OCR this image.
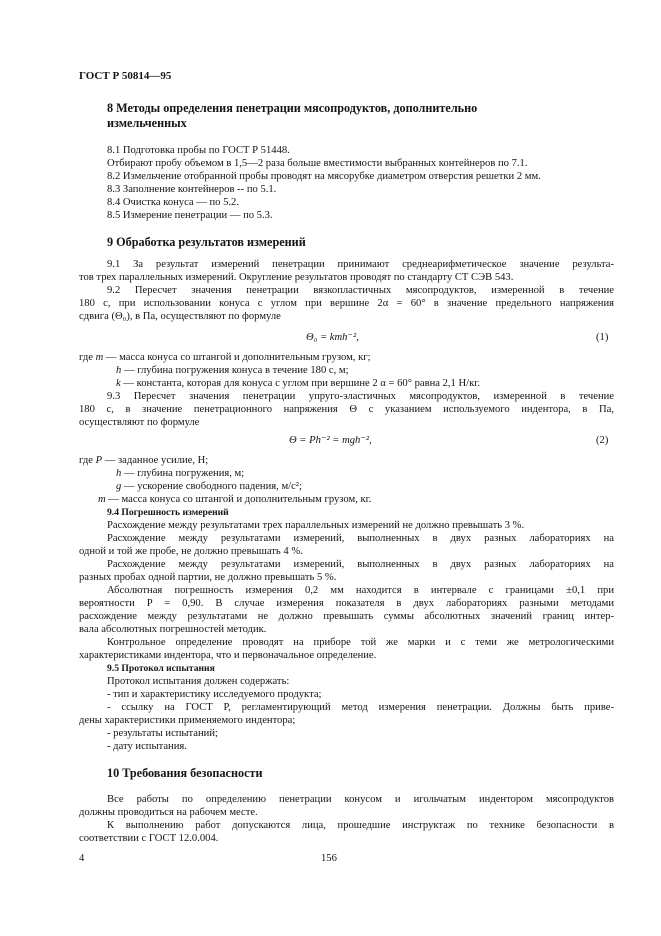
ГОСТ Р 50814—95
8 Методы определения пенетрации мясопродуктов, дополнительно
измельченных
8.1 Подготовка пробы по ГОСТ Р 51448.
Отбирают пробу объемом в 1,5—2 раза больше вместимости выбранных контейнеров по 7.1.
8.2 Измельчение отобранной пробы проводят на мясорубке диаметром отверстия решетки 2 мм.
8.3 Заполнение контейнеров -- по 5.1.
8.4 Очистка конуса — по 5.2.
8.5 Измерение пенетрации — по 5.3.
9 Обработка результатов измерений
9.1 За результат измерений пенетрации принимают среднеарифметическое значение результа-
тов трех параллельных измерений. Округление результатов проводят по стандарту СТ СЭВ 543.
9.2 Пересчет значения пенетрации вязкопластичных мясопродуктов, измеренной в течение
180 с, при использовании конуса с углом при вершине 2α = 60° в значение предельного напряжения
сдвига (Θ₀), в Па, осуществляют по формуле
Θ₀ = kmh⁻²,	(1)
где m — масса конуса со штангой и дополнительным грузом, кг;
h — глубина погружения конуса в течение 180 с, м;
k — константа, которая для конуса с углом при вершине 2 α = 60° равна 2,1 Н/кг.
9.3 Пересчет значения пенетрации упруго-эластичных мясопродуктов, измеренной в течение
180 с, в значение пенетрационного напряжения Θ с указанием используемого индентора, в Па,
осуществляют по формуле
Θ = Ph⁻² = mgh⁻²,	(2)
где P — заданное усилие, Н;
h — глубина погружения, м;
g — ускорение свободного падения, м/с²;
m — масса конуса со штангой и дополнительным грузом, кг.
9.4 Погрешность измерений
Расхождение между результатами трех параллельных измерений не должно превышать 3 %.
Расхождение между результатами измерений, выполненных в двух разных лабораториях на
одной и той же пробе, не должно превышать 4 %.
Расхождение между результатами измерений, выполненных в двух разных лабораториях на
разных пробах одной партии, не должно превышать 5 %.
Абсолютная погрешность измерения 0,2 мм находится в интервале с границами ±0,1 при
вероятности P = 0,90. В случае измерения показателя в двух лабораториях разными методами
расхождение между результатами не должно превышать суммы абсолютных значений границ интер-
вала абсолютных погрешностей методик.
Контрольное определение проводят на приборе той же марки и с теми же метрологическими
характеристиками индентора, что и первоначальное определение.
9.5 Протокол испытания
Протокол испытания должен содержать:
- тип и характеристику исследуемого продукта;
- ссылку на ГОСТ Р, регламентирующий метод измерения пенетрации. Должны быть приве-
дены характеристики применяемого индентора;
- результаты испытаний;
- дату испытания.
10 Требования безопасности
Все работы по определению пенетрации конусом и игольчатым индентором мясопродуктов
должны проводиться на рабочем месте.
К выполнению работ допускаются лица, прошедшие инструктаж по технике безопасности в
соответствии с ГОСТ 12.0.004.
4	156
